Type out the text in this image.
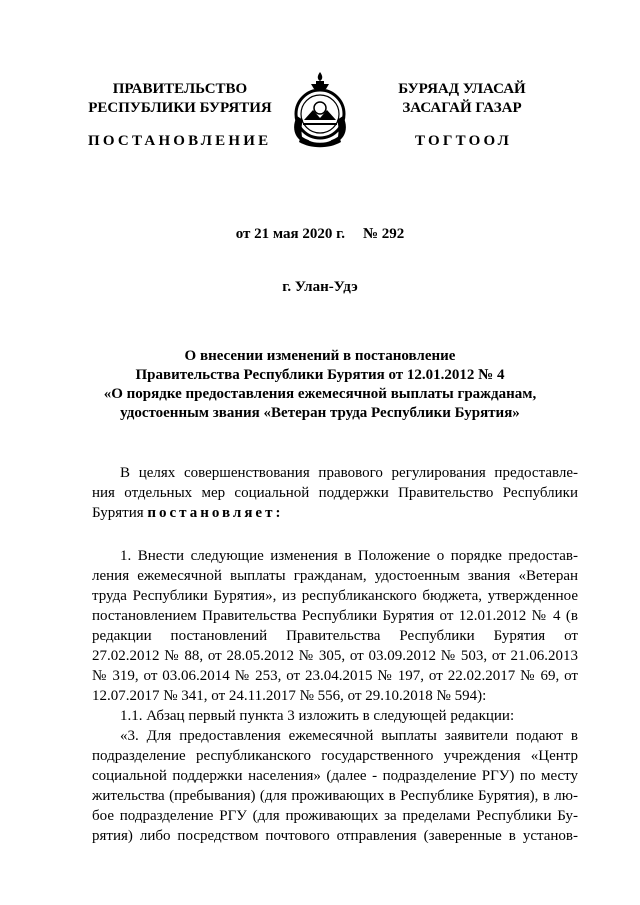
ПРАВИТЕЛЬСТВО
РЕСПУБЛИКИ БУРЯТИЯ
БУРЯАД УЛАСАЙ
ЗАСАГАЙ ГАЗАР
ПОСТАНОВЛЕНИЕ	ТОГТООЛ
от 21 мая 2020 г. № 292
г. Улан-Удэ
О внесении изменений в постановление
Правительства Республики Бурятия от 12.01.2012 № 4
«О порядке предоставления ежемесячной выплаты гражданам,
удостоенным звания «Ветеран труда Республики Бурятия»
В целях совершенствования правового регулирования предоставле-
ния отдельных мер социальной поддержки Правительство Республики
Бурятия постановляет:
1. Внести следующие изменения в Положение о порядке предостав-
ления ежемесячной выплаты гражданам, удостоенным звания «Ветеран
труда Республики Бурятия», из республиканского бюджета, утвержденное
постановлением Правительства Республики Бурятия от 12.01.2012 № 4 (в
редакции постановлений Правительства Республики Бурятия от
27.02.2012 № 88, от 28.05.2012 № 305, от 03.09.2012 № 503, от 21.06.2013
№ 319, от 03.06.2014 № 253, от 23.04.2015 № 197, от 22.02.2017 № 69, от
12.07.2017 № 341, от 24.11.2017 № 556, от 29.10.2018 № 594):
1.1. Абзац первый пункта 3 изложить в следующей редакции:
«3. Для предоставления ежемесячной выплаты заявители подают в
подразделение республиканского государственного учреждения «Центр
социальной поддержки населения» (далее - подразделение РГУ) по месту
жительства (пребывания) (для проживающих в Республике Бурятия), в лю-
бое подразделение РГУ (для проживающих за пределами Республики Бу-
рятия) либо посредством почтового отправления (заверенные в установ-
